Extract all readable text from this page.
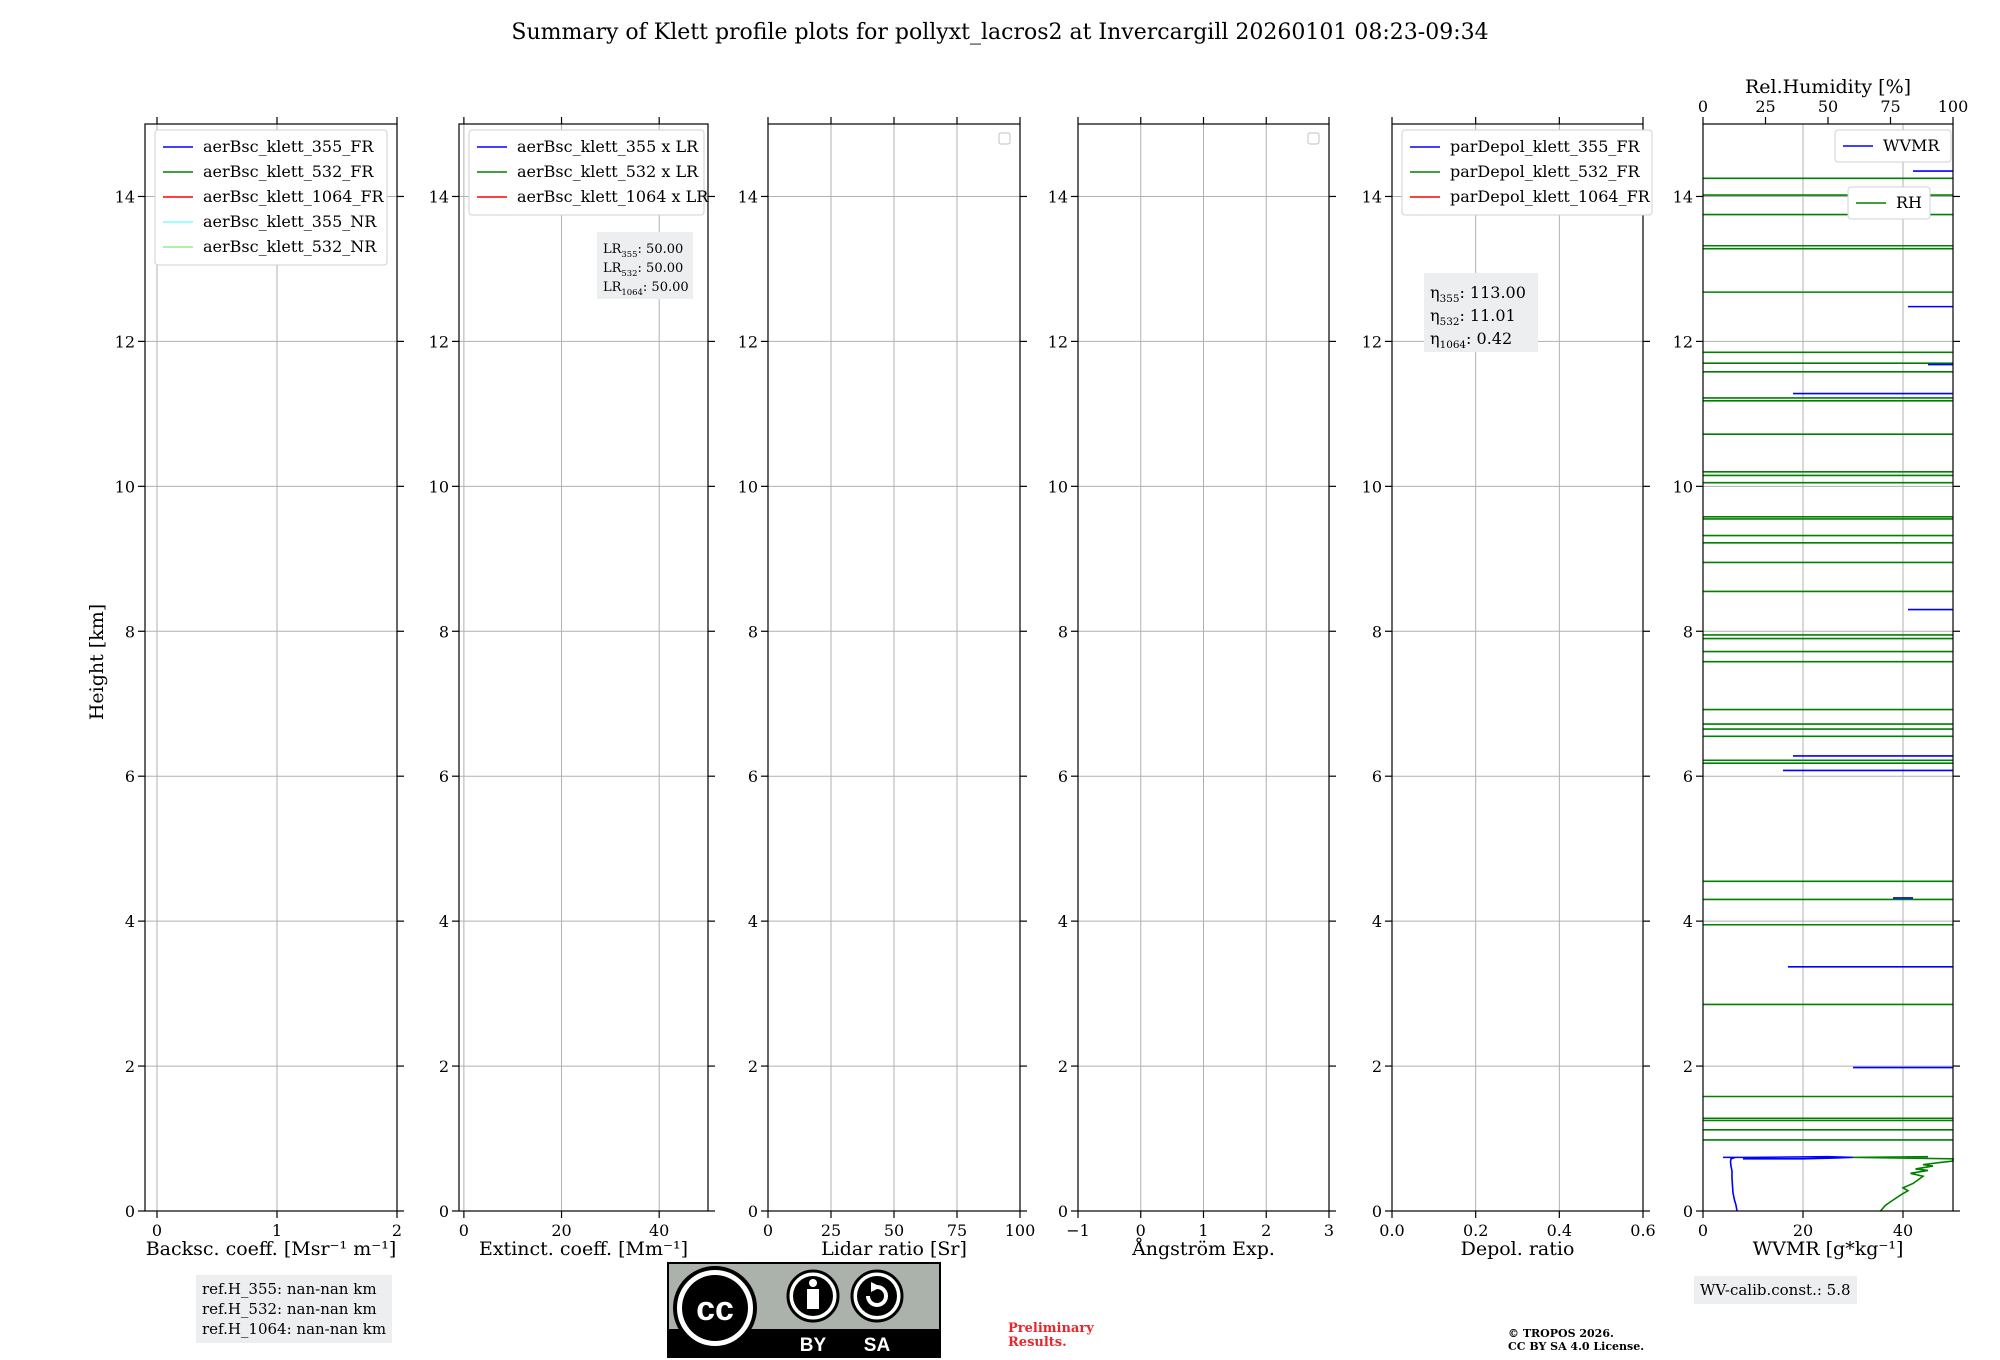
Summary of Klett profile plots for pollyxt_lacros2 at Invercargill 20260101 08:23-09:34
Height [km]
0
2
4
6
8
10
12
14
0	1	2
Backsc. coeff. [Msr⁻¹ m⁻¹]
aerBsc_klett_355_FR
aerBsc_klett_532_FR
aerBsc_klett_1064_FR
aerBsc_klett_355_NR
aerBsc_klett_532_NR
0
2
4
6
8
10
12
14
0	20	40
Extinct. coeff. [Mm⁻¹]
aerBsc_klett_355 x LR
aerBsc_klett_532 x LR
aerBsc_klett_1064 x LR
$LR_{355}$: 50.00
$LR_{532}$: 50.00
$LR_{1064}$: 50.00
0
2
4
6
8
10
12
14
0	25	50	75 100
Lidar ratio [Sr]
0
2
4
6
8
10
12
14
−1	0	1	2	3
Ångström Exp.
0
2
4
6
8
10
12
14
0.0	0.2	0.4	0.6
Depol. ratio
parDepol_klett_355_FR
parDepol_klett_532_FR
parDepol_klett_1064_FR
$\eta_{355}$: 113.00
$\eta_{532}$: 11.01
$\eta_{1064}$: 0.42
0
2
4
6
8
10
12
14
0	20	40
WVMR [g*kg⁻¹]
0	25	50	75 100
Rel.Humidity [%]
WVMR
RH
ref.H_355: nan-nan km
ref.H_532: nan-nan km
ref.H_1064: nan-nan km
WV-calib.const.: 5.8
cc
BY SA
Preliminary
Results.
© TROPOS 2026.
CC BY SA 4.0 License.
